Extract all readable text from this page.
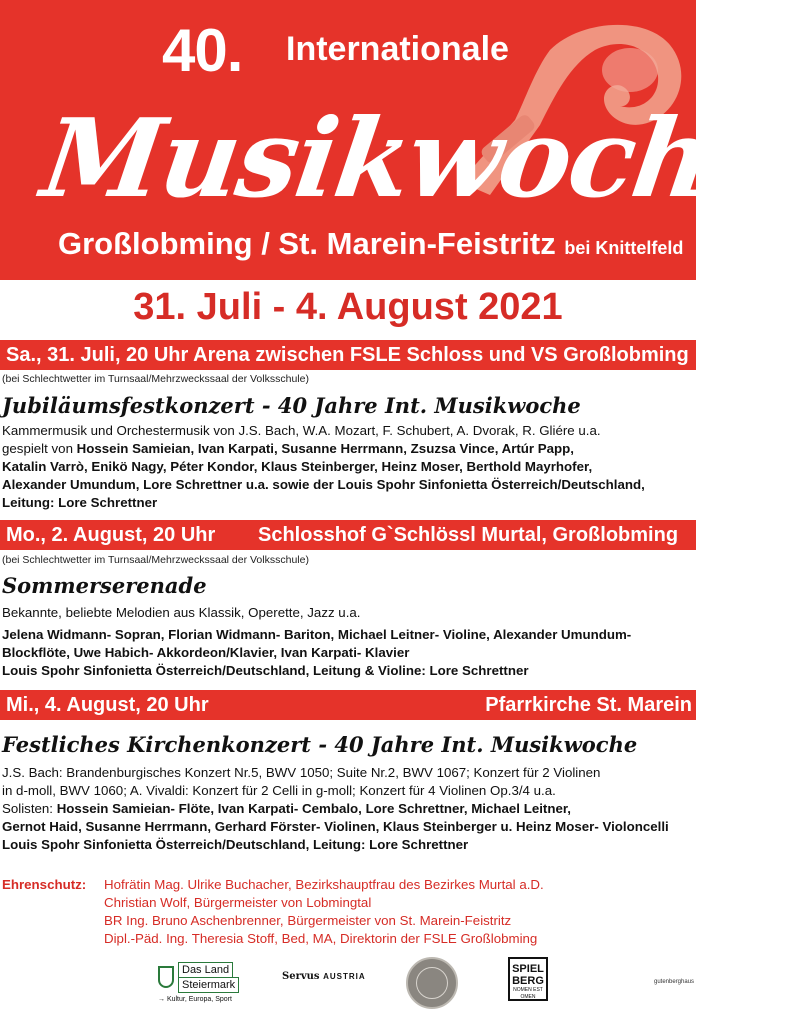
40. Internationale
Musikwoche
Großlobming / St. Marein-Feistritz bei Knittelfeld
31. Juli - 4. August 2021
Sa., 31. Juli, 20 Uhr Arena zwischen FSLE Schloss und VS Großlobming
(bei Schlechtwetter im Turnsaal/Mehrzweckssaal der Volksschule)
Jubiläumsfestkonzert - 40 Jahre Int. Musikwoche
Kammermusik und Orchestermusik von J.S. Bach, W.A. Mozart, F. Schubert, A. Dvorak, R. Gliére u.a.
gespielt von Hossein Samieian, Ivan Karpati, Susanne Herrmann, Zsuzsa Vince, Artúr Papp,
Katalin Varrò, Enikö Nagy, Péter Kondor, Klaus Steinberger, Heinz Moser, Berthold Mayrhofer,
Alexander Umundum, Lore Schrettner u.a. sowie der Louis Spohr Sinfonietta Österreich/Deutschland,
Leitung: Lore Schrettner
Mo., 2. August, 20 Uhr Schlosshof G`Schlössl Murtal, Großlobming
(bei Schlechtwetter im Turnsaal/Mehrzweckssaal der Volksschule)
Sommerserenade
Bekannte, beliebte Melodien aus Klassik, Operette, Jazz u.a.
Jelena Widmann- Sopran, Florian Widmann- Bariton, Michael Leitner- Violine, Alexander Umundum-
Blockflöte, Uwe Habich- Akkordeon/Klavier, Ivan Karpati- Klavier
Louis Spohr Sinfonietta Österreich/Deutschland, Leitung & Violine: Lore Schrettner
Mi., 4. August, 20 Uhr	Pfarrkirche St. Marein
Festliches Kirchenkonzert - 40 Jahre Int. Musikwoche
J.S. Bach: Brandenburgisches Konzert Nr.5, BWV 1050; Suite Nr.2, BWV 1067; Konzert für 2 Violinen
in d-moll, BWV 1060; A. Vivaldi: Konzert für 2 Celli in g-moll; Konzert für 4 Violinen Op.3/4 u.a.
Solisten: Hossein Samieian- Flöte, Ivan Karpati- Cembalo, Lore Schrettner, Michael Leitner,
Gernot Haid, Susanne Herrmann, Gerhard Förster- Violinen, Klaus Steinberger u. Heinz Moser- Violoncelli
Louis Spohr Sinfonietta Österreich/Deutschland, Leitung: Lore Schrettner
Ehrenschutz: Hofrätin Mag. Ulrike Buchacher, Bezirkshauptfrau des Bezirkes Murtal a.D.
Christian Wolf, Bürgermeister von Lobmingtal
BR Ing. Bruno Aschenbrenner, Bürgermeister von St. Marein-Feistritz
Dipl.-Päd. Ing. Theresia Stoff, Bed, MA, Direktorin der FSLE Großlobming
Das Land
Steiermark
→ Kultur, Europa, Sport
Servus AUSTRIA
SPIEL
BERG
NOMEN EST OMEN
gutenberghaus
